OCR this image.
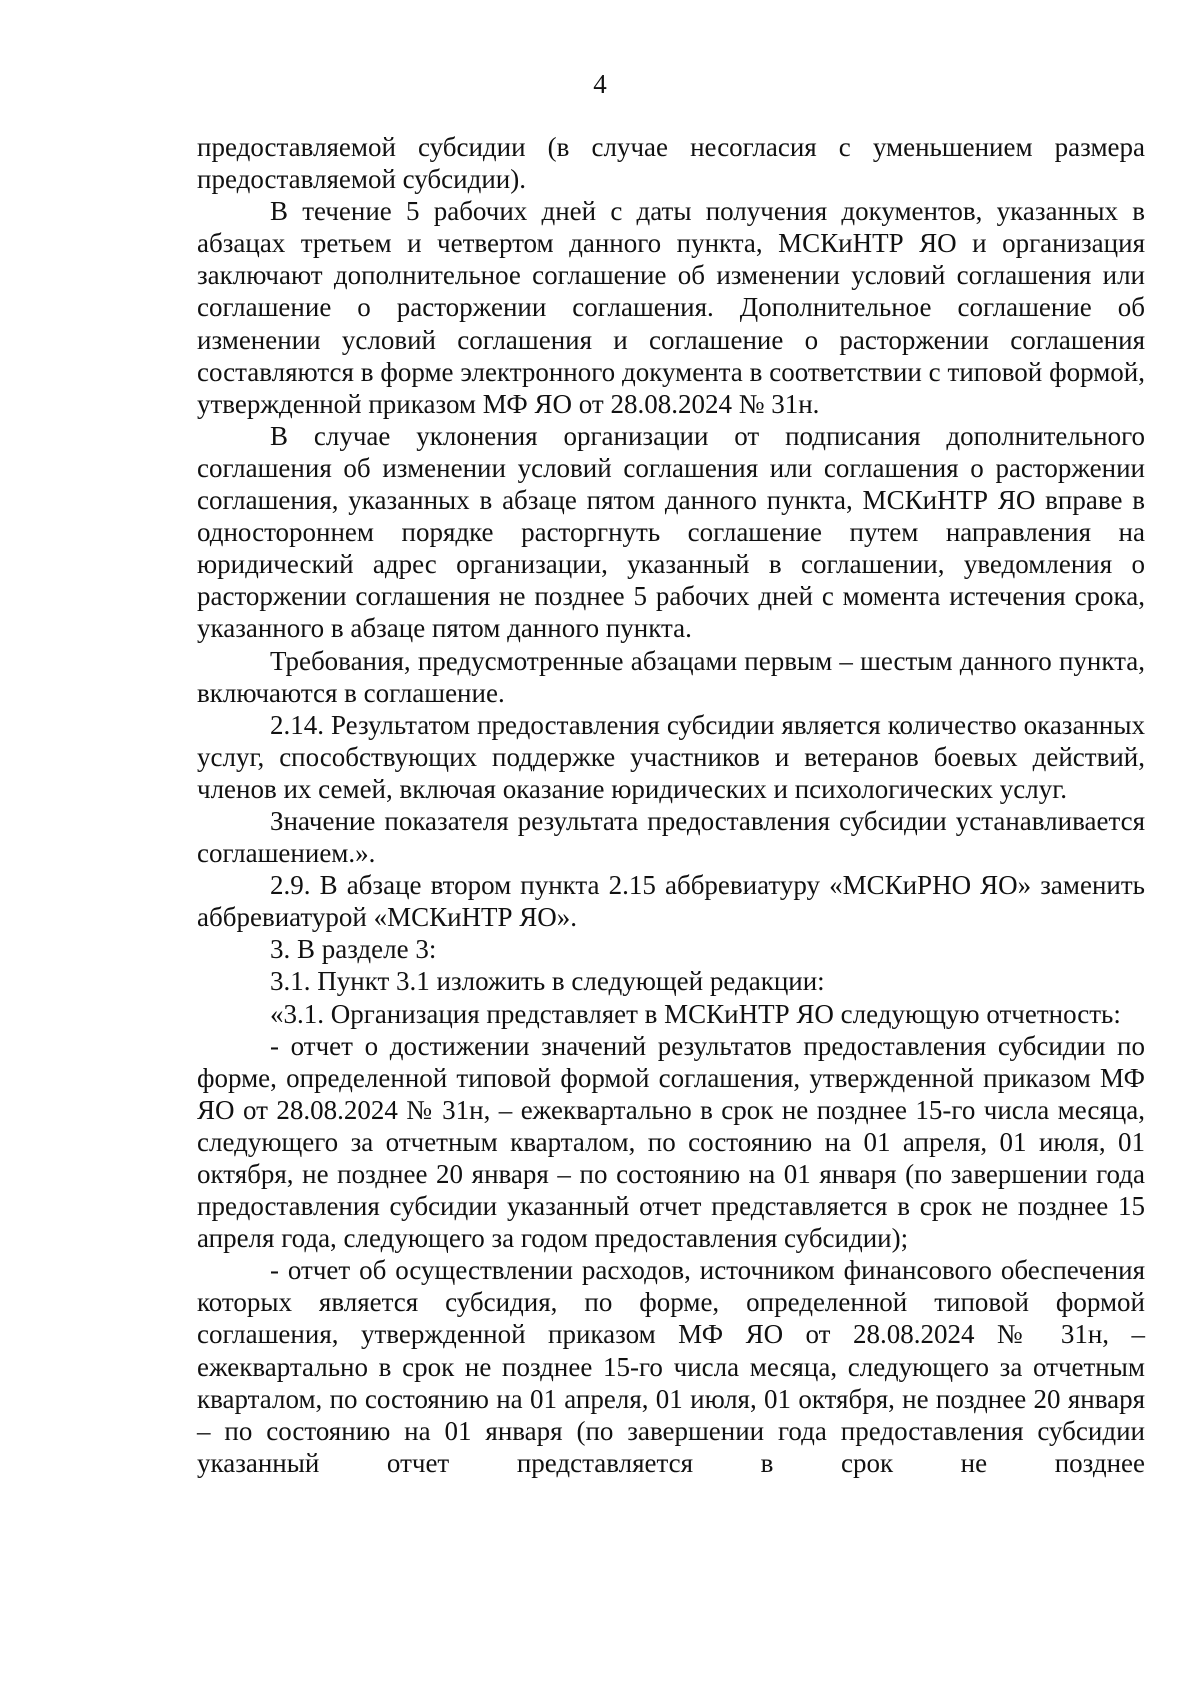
4

предоставляемой субсидии (в случае несогласия с уменьшением размера предоставляемой субсидии).

В течение 5 рабочих дней с даты получения документов, указанных в абзацах третьем и четвертом данного пункта, МСКиНТР ЯО и организация заключают дополнительное соглашение об изменении условий соглашения или соглашение о расторжении соглашения. Дополнительное соглашение об изменении условий соглашения и соглашение о расторжении соглашения составляются в форме электронного документа в соответствии с типовой формой, утвержденной приказом МФ ЯО от 28.08.2024 № 31н.

В случае уклонения организации от подписания дополнительного соглашения об изменении условий соглашения или соглашения о расторжении соглашения, указанных в абзаце пятом данного пункта, МСКиНТР ЯО вправе в одностороннем порядке расторгнуть соглашение путем направления на юридический адрес организации, указанный в соглашении, уведомления о расторжении соглашения не позднее 5 рабочих дней с момента истечения срока, указанного в абзаце пятом данного пункта.

Требования, предусмотренные абзацами первым – шестым данного пункта, включаются в соглашение.

2.14. Результатом предоставления субсидии является количество оказанных услуг, способствующих поддержке участников и ветеранов боевых действий, членов их семей, включая оказание юридических и психологических услуг.

Значение показателя результата предоставления субсидии устанавливается соглашением.».

2.9. В абзаце втором пункта 2.15 аббревиатуру «МСКиРНО ЯО» заменить аббревиатурой «МСКиНТР ЯО».

3. В разделе 3:

3.1. Пункт 3.1 изложить в следующей редакции:

«3.1. Организация представляет в МСКиНТР ЯО следующую отчетность:

- отчет о достижении значений результатов предоставления субсидии по форме, определенной типовой формой соглашения, утвержденной приказом МФ ЯО от 28.08.2024 № 31н, – ежеквартально в срок не позднее 15-го числа месяца, следующего за отчетным кварталом, по состоянию на 01 апреля, 01 июля, 01 октября, не позднее 20 января – по состоянию на 01 января (по завершении года предоставления субсидии указанный отчет представляется в срок не позднее 15 апреля года, следующего за годом предоставления субсидии);

- отчет об осуществлении расходов, источником финансового обеспечения которых является субсидия, по форме, определенной типовой формой соглашения, утвержденной приказом МФ ЯО от 28.08.2024 № 31н, – ежеквартально в срок не позднее 15-го числа месяца, следующего за отчетным кварталом, по состоянию на 01 апреля, 01 июля, 01 октября, не позднее 20 января – по состоянию на 01 января (по завершении года предоставления субсидии указанный отчет представляется в срок не позднее
